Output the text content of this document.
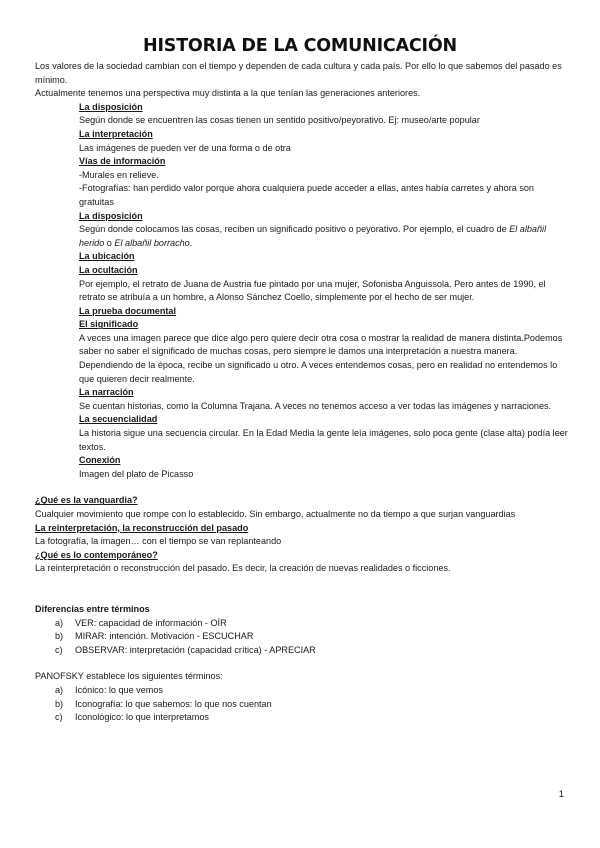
HISTORIA DE LA COMUNICACIÓN

Los valores de la sociedad cambian con el tiempo y dependen de cada cultura y cada país. Por ello lo que sabemos del pasado es mínimo.

Actualmente tenemos una perspectiva muy distinta a la que tenían las generaciones anteriores.

La disposición

Según donde se encuentren las cosas tienen un sentido positivo/peyorativo. Ej: museo/arte popular

La interpretación

Las imágenes de pueden ver de una forma o de otra

Vías de información

-Murales en relieve.

-Fotografías: han perdido valor porque ahora cualquiera puede acceder a ellas, antes había carretes y ahora son gratuitas

La disposición

Según donde colocamos las cosas, reciben un significado positivo o peyorativo. Por ejemplo, el cuadro de El albañil herido o El albañil borracho.

La ubicación

La ocultación

Por ejemplo, el retrato de Juana de Austria fue pintado por una mujer, Sofonisba Anguissola. Pero antes de 1990, el retrato se atribuía a un hombre, a Alonso Sánchez Coello, simplemente por el hecho de ser mujer.

La prueba documental

El significado

A veces una imagen parece que dice algo pero quiere decir otra cosa o mostrar la realidad de manera distinta.Podemos saber no saber el significado de muchas cosas, pero siempre le damos una interpretación a nuestra manera. Dependiendo de la época, recibe un significado u otro. A veces entendemos cosas, pero en realidad no entendemos lo que quieren decir realmente.

La narración

Se cuentan historias, como la Columna Trajana. A veces no tenemos acceso a ver todas las imágenes y narraciones.

La secuencialidad

La historia sigue una secuencia circular. En la Edad Media la gente leía imágenes, solo poca gente (clase alta) podía leer textos.

Conexión

Imagen del plato de Picasso

¿Qué es la vanguardia?

Cualquier movimiento que rompe con lo establecido. Sin embargo, actualmente no da tiempo a que surjan vanguardias

La reinterpretación, la reconstrucción del pasado

La fotografía, la imagen… con el tiempo se van replanteando

¿Qué es lo contemporáneo?

La reinterpretación o reconstrucción del pasado. Es decir, la creación de nuevas realidades o ficciones.

Diferencias entre términos

a)	VER: capacidad de información - OÍR
b)	MIRAR: intención. Motivación - ESCUCHAR
c)	OBSERVAR: interpretación (capacidad crítica) - APRECIAR

PANOFSKY establece los siguientes términos:

a)	Icónico: lo que vemos
b)	Iconografía: lo que sabemos: lo que nos cuentan
c)	Iconológico: lo que interpretamos
1
